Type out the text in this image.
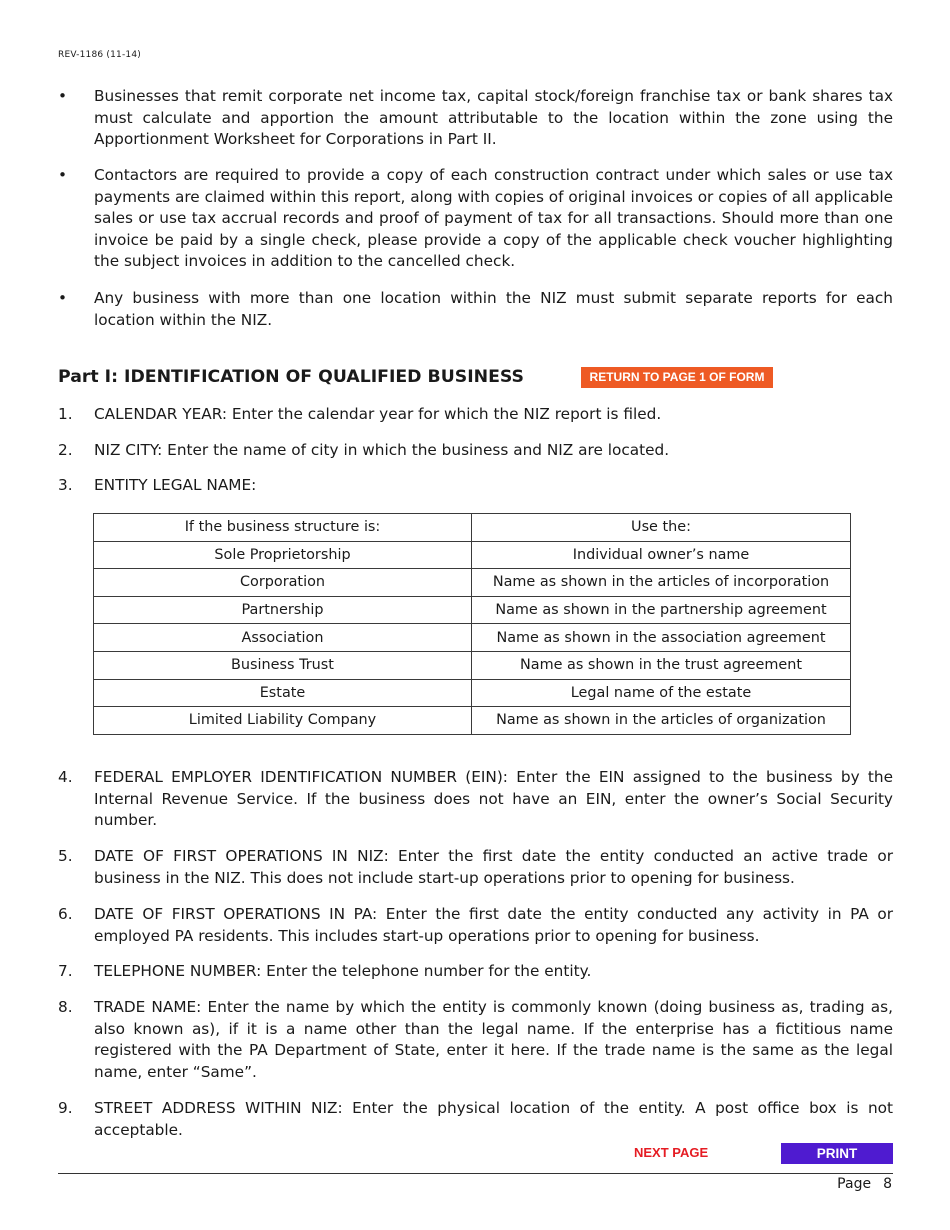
REV-1186 (11-14)
• Businesses that remit corporate net income tax, capital stock/foreign franchise tax or bank shares tax must calculate and apportion the amount attributable to the location within the zone using the Apportionment Worksheet for Corporations in Part II.
• Contactors are required to provide a copy of each construction contract under which sales or use tax payments are claimed within this report, along with copies of original invoices or copies of all applicable sales or use tax accrual records and proof of payment of tax for all transactions. Should more than one invoice be paid by a single check, please provide a copy of the applicable check voucher highlighting the subject invoices in addition to the cancelled check.
• Any business with more than one location within the NIZ must submit separate reports for each location within the NIZ.
Part I: IDENTIFICATION OF QUALIFIED BUSINESS	RETURN TO PAGE 1 OF FORM
1. CALENDAR YEAR: Enter the calendar year for which the NIZ report is filed.
2. NIZ CITY: Enter the name of city in which the business and NIZ are located.
3. ENTITY LEGAL NAME:
If the business structure is:	Use the:
Sole Proprietorship	Individual owner’s name
Corporation	Name as shown in the articles of incorporation
Partnership	Name as shown in the partnership agreement
Association	Name as shown in the association agreement
Business Trust	Name as shown in the trust agreement
Estate	Legal name of the estate
Limited Liability Company	Name as shown in the articles of organization
4. FEDERAL EMPLOYER IDENTIFICATION NUMBER (EIN): Enter the EIN assigned to the business by the Internal Revenue Service. If the business does not have an EIN, enter the owner’s Social Security number.
5. DATE OF FIRST OPERATIONS IN NIZ: Enter the first date the entity conducted an active trade or business in the NIZ. This does not include start-up operations prior to opening for business.
6. DATE OF FIRST OPERATIONS IN PA: Enter the first date the entity conducted any activity in PA or employed PA residents. This includes start-up operations prior to opening for business.
7. TELEPHONE NUMBER: Enter the telephone number for the entity.
8. TRADE NAME: Enter the name by which the entity is commonly known (doing business as, trading as, also known as), if it is a name other than the legal name. If the enterprise has a fictitious name registered with the PA Department of State, enter it here. If the trade name is the same as the legal name, enter “Same”.
9. STREET ADDRESS WITHIN NIZ: Enter the physical location of the entity. A post office box is not acceptable.
NEXT PAGE	PRINT
Page 8
